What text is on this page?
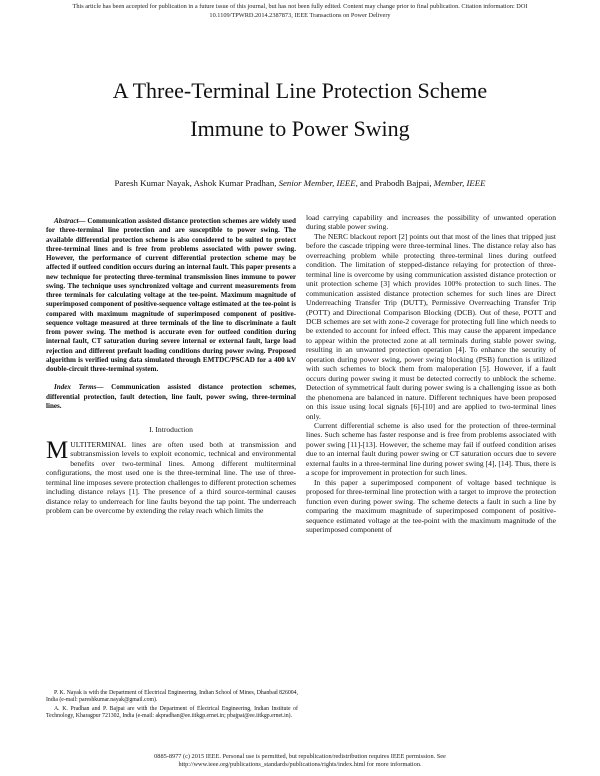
This article has been accepted for publication in a future issue of this journal, but has not been fully edited. Content may change prior to final publication. Citation information: DOI
10.1109/TPWRD.2014.2387873, IEEE Transactions on Power Delivery
A Three-Terminal Line Protection Scheme
Immune to Power Swing
Paresh Kumar Nayak, Ashok Kumar Pradhan, Senior Member, IEEE, and Prabodh Bajpai, Member, IEEE

Abstract— Communication assisted distance protection schemes are widely used for three-terminal line protection and are susceptible to power swing. The available differential protection scheme is also considered to be suited to protect three-terminal lines and is free from problems associated with power swing. However, the performance of current differential protection scheme may be affected if outfeed condition occurs during an internal fault. This paper presents a new technique for protecting three-terminal transmission lines immune to power swing. The technique uses synchronized voltage and current measurements from three terminals for calculating voltage at the tee-point. Maximum magnitude of superimposed component of positive-sequence voltage estimated at the tee-point is compared with maximum magnitude of superimposed component of positive-sequence voltage measured at three terminals of the line to discriminate a fault from power swing. The method is accurate even for outfeed condition during internal fault, CT saturation during severe internal or external fault, large load rejection and different prefault loading conditions during power swing. Proposed algorithm is verified using data simulated through EMTDC/PSCAD for a 400 kV double-circuit three-terminal system.

Index Terms— Communication assisted distance protection schemes, differential protection, fault detection, line fault, power swing, three-terminal lines.

I. Introduction

MULTITERMINAL lines are often used both at transmission and subtransmission levels to exploit economic, technical and environmental benefits over two-terminal lines. Among different multiterminal configurations, the most used one is the three-terminal line. The use of three-terminal line imposes severe protection challenges to different protection schemes including distance relays [1]. The presence of a third source-terminal causes distance relay to underreach for line faults beyond the tap point. The underreach problem can be overcome by extending the relay reach which limits the

P. K. Nayak is with the Department of Electrical Engineering, Indian School of Mines, Dhanbad 826004, India (e-mail: pareshkumar.nayak@gmail.com).

A. K. Pradhan and P. Bajpai are with the Department of Electrical Engineering, Indian Institute of Technology, Kharagpur 721302, India (e-mail: akpradhan@ee.iitkgp.ernet.in; pbajpai@ee.iitkgp.ernet.in).

load carrying capability and increases the possibility of unwanted operation during stable power swing.

The NERC blackout report [2] points out that most of the lines that tripped just before the cascade tripping were three-terminal lines. The distance relay also has overreaching problem while protecting three-terminal lines during outfeed condition. The limitation of stepped-distance relaying for protection of three-terminal line is overcome by using communication assisted distance protection or unit protection scheme [3] which provides 100% protection to such lines. The communication assisted distance protection schemes for such lines are Direct Underreaching Transfer Trip (DUTT), Permissive Overreaching Transfer Trip (POTT) and Directional Comparison Blocking (DCB). Out of these, POTT and DCB schemes are set with zone-2 coverage for protecting full line which needs to be extended to account for infeed effect. This may cause the apparent impedance to appear within the protected zone at all terminals during stable power swing, resulting in an unwanted protection operation [4]. To enhance the security of operation during power swing, power swing blocking (PSB) function is utilized with such schemes to block them from maloperation [5]. However, if a fault occurs during power swing it must be detected correctly to unblock the scheme. Detection of symmetrical fault during power swing is a challenging issue as both the phenomena are balanced in nature. Different techniques have been proposed on this issue using local signals [6]-[10] and are applied to two-terminal lines only.

Current differential scheme is also used for the protection of three-terminal lines. Such scheme has faster response and is free from problems associated with power swing [11]-[13]. However, the scheme may fail if outfeed condition arises due to an internal fault during power swing or CT saturation occurs due to severe external faults in a three-terminal line during power swing [4], [14]. Thus, there is a scope for improvement in protection for such lines.

In this paper a superimposed component of voltage based technique is proposed for three-terminal line protection with a target to improve the protection function even during power swing. The scheme detects a fault in such a line by comparing the maximum magnitude of superimposed component of positive-sequence estimated voltage at the tee-point with the maximum magnitude of the superimposed component of

0885-8977 (c) 2015 IEEE. Personal use is permitted, but republication/redistribution requires IEEE permission. See
http://www.ieee.org/publications_standards/publications/rights/index.html for more information.
